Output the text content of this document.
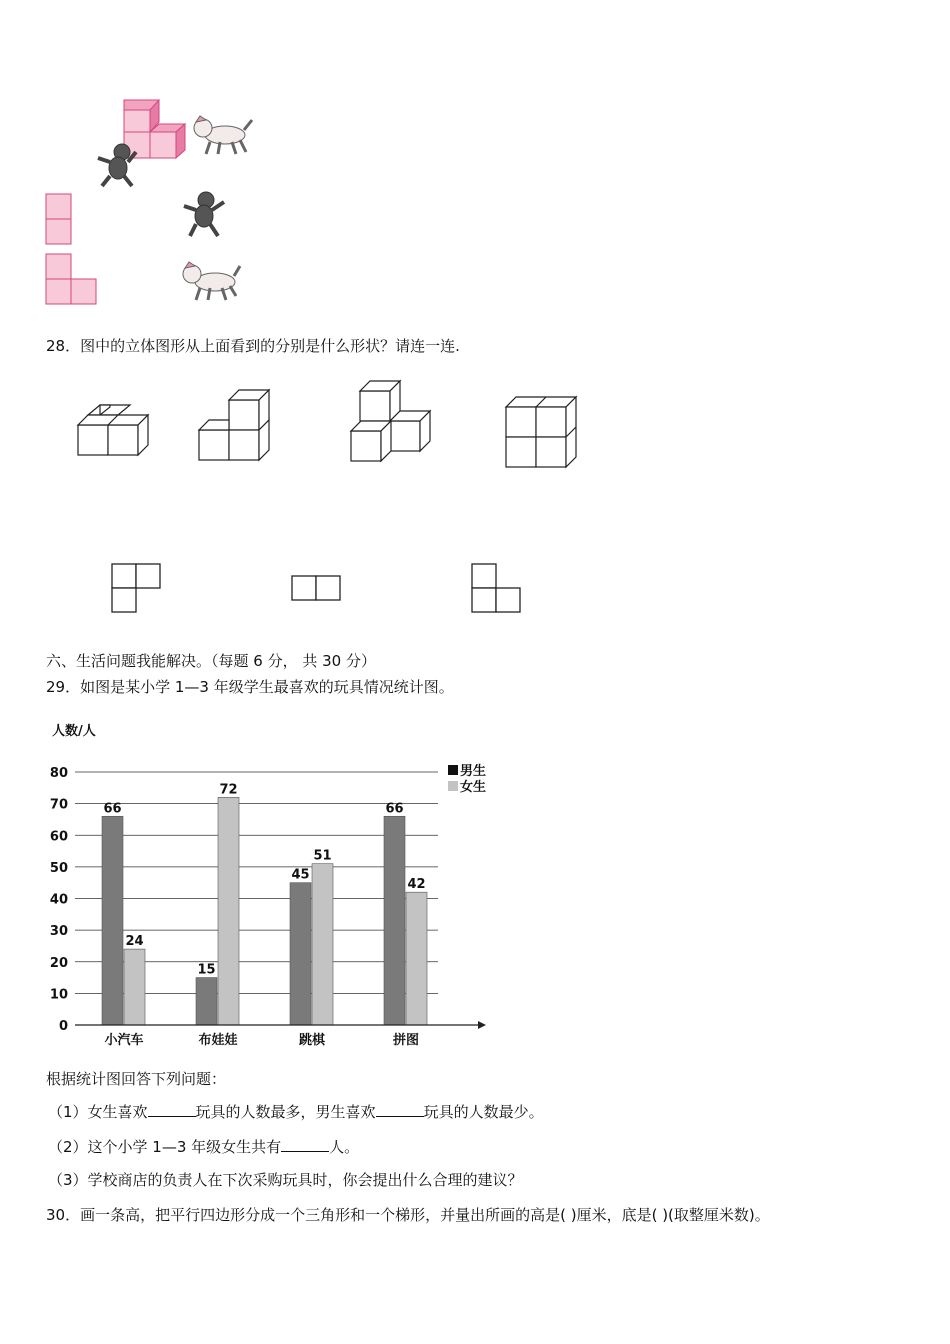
28．图中的立体图形从上面看到的分别是什么形状？请连一连.
六、生活问题我能解决。（每题 6 分， 共 30 分）
29．如图是某小学 1—3 年级学生最喜欢的玩具情况统计图。
人数/人
0
10
20
30
40
50
60
70
80
66
24
15
72
45
51
66
42
小汽车	布娃娃	跳棋	拼图
男生
女生
根据统计图回答下列问题：
（1）女生喜欢	玩具的人数最多，男生喜欢	玩具的人数最少。
（2）这个小学 1—3 年级女生共有	人。
（3）学校商店的负责人在下次采购玩具时，你会提出什么合理的建议？
30．画一条高，把平行四边形分成一个三角形和一个梯形，并量出所画的高是( )厘米，底是( )(取整厘米数)。
